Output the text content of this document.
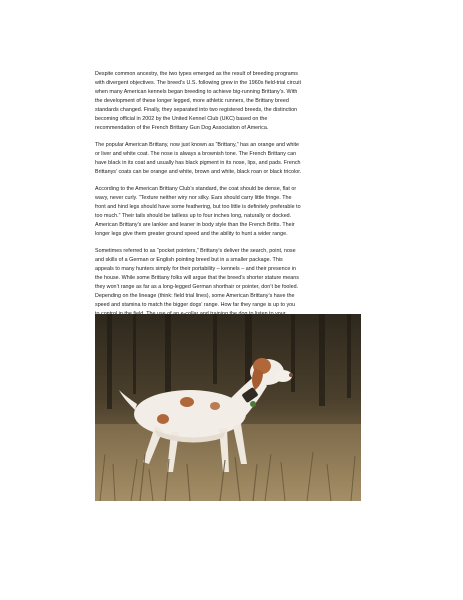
Despite common ancestry, the two types emerged as the result of breeding programs
with divergent objectives. The breed’s U.S. following grew in the 1960s field-trial circuit
when many American kennels began breeding to achieve big-running Brittany’s. With
the development of these longer legged, more athletic runners, the Brittany breed
standards changed. Finally, they separated into two registered breeds, the distinction
becoming official in 2002 by the United Kennel Club (UKC) based on the
recommendation of the French Brittany Gun Dog Association of America.

The popular American Brittany, now just known as “Brittany,” has an orange and white
or liver and white coat. The nose is always a brownish tone. The French Brittany can
have black in its coat and usually has black pigment in its nose, lips, and pads. French
Brittanys’ coats can be orange and white, brown and white, black roan or black tricolor.

According to the American Brittany Club’s standard, the coat should be dense, flat or
wavy, never curly. “Texture neither wiry nor silky. Ears should carry little fringe. The
front and hind legs should have some feathering, but too little is definitely preferable to
too much.” Their tails should be tailless up to four inches long, naturally or docked.
American Brittany’s are lankier and leaner in body style than the French Britts. Their
longer legs give them greater ground speed and the ability to hunt a wider range.

Sometimes referred to as “pocket pointers,” Brittany’s deliver the search, point, nose
and skills of a German or English pointing breed but in a smaller package. This
appeals to many hunters simply for their portability – kennels – and their presence in
the house. While some Brittany folks will argue that the breed’s shorter stature means
they won’t range as far as a long-legged German shorthair or pointer, don’t be fooled.
Depending on the lineage (think: field trial lines), some American Brittany’s have the
speed and stamina to match the bigger dogs’ range. How far they range is up to you
